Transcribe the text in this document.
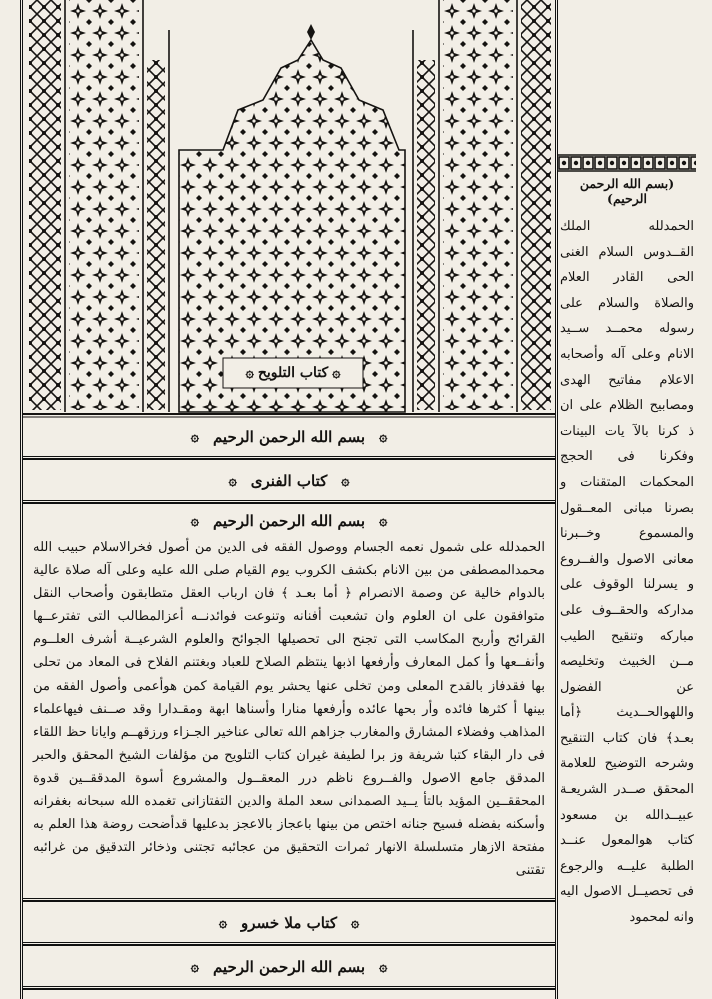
۞
كتاب التلويح
۞
۞
بسم الله الرحمن الرحيم
۞
۞
كتاب الفنرى
۞
۞
بسم الله الرحمن الرحيم
۞

الحمدلله على شمول نعمه الجسام ووصول الفقه فى الدين من أصول فخرالاسلام حبيب الله محمدالمصطفى من بين الانام بكشف الكروب يوم القيام صلى الله عليه وعلى آله صلاة عالية بالدوام خالية عن وصمة الانصرام ﴿ أما بعـد ﴾ فان ارباب العقل متطابقون وأصحاب النقل متوافقون على ان العلوم وان تشعبت أفنانه وتنوعت فوائدنــه أعزالمطالب التى تفترعــها القرائح وأربح المكاسب التى تجنح الى تحصيلها الجوائح والعلوم الشرعيــة أشرف العلــوم وأنفــعها وأ كمل المعارف وأرفعها اذبها ينتظم الصلاح للعباد وبغتنم الفلاح فى المعاد من تحلى بها فقدفاز بالقدح المعلى ومن تخلى عنها يحشر يوم القيامة كمن هوأعمى وأصول الفقه من بينها أ كثرها فائده وأر بحها عائده وأرفعها منارا وأسناها ابهة ومقـدارا وقد صــنف فيهاعلماء المذاهب وفضلاء المشارق والمغارب جزاهم الله تعالى عناخير الجـزاء ورزقهــم وايانا حظ اللقاء فى دار البقاء كتبا شريفة وز برا لطيفة غيران كتاب التلويح من مؤلفات الشيخ المحقق والحبر المدقق جامع الاصول والفــروع ناظم درر المعقــول والمشروع أسوة المدققــين قدوة المحققــين المؤيد بالتأ يــيد الصمدانى سعد الملة والدين التفتازانى تغمده الله سبحانه بغفرانه وأسكنه بفضله فسيح جنانه اختص من بينها باعجاز بالاعجز بدعليها قدأضحت روضة هذا العلم به مفتحة الازهار متسلسلة الانهار ثمرات التحقيق من عجائبه تجتنى وذخائر التدقيق من غرائبه تقتنى

۞
كتاب ملا خسرو
۞
۞
بسم الله الرحمن الرحيم
۞
(بسم الله الرحمن الرحيم)

الحمدلله الملك القــدوس السلام الغنى الحى القادر العلام والصلاة والسلام على رسوله محمــد ســيد الانام وعلى آله وأصحابه الاعلام مفاتيح الهدى ومصابيح الظلام على ان ذ كرنا بالآ يات البينات وفكرنا فى الحجج المحكمات المتقنات و بصرنا مبانى المعــقول والمسموع وخــبرنا معانى الاصول والفــروع و يسرلنا الوقوف على مداركه والحقــوف على مباركه وتنقيح الطيب مــن الخبيث وتخليصه عن الفضول واللهوالحــديث ﴿أما بعـد﴾ فان كتاب التنقيح وشرحه التوضيح للعلامة المحقق صــدر الشريعـة عبيــدالله بن مسعود كتاب هوالمعول عنــد الطلبة عليــه والرجوع فى تحصيــل الاصول اليه وانه لمحمود
